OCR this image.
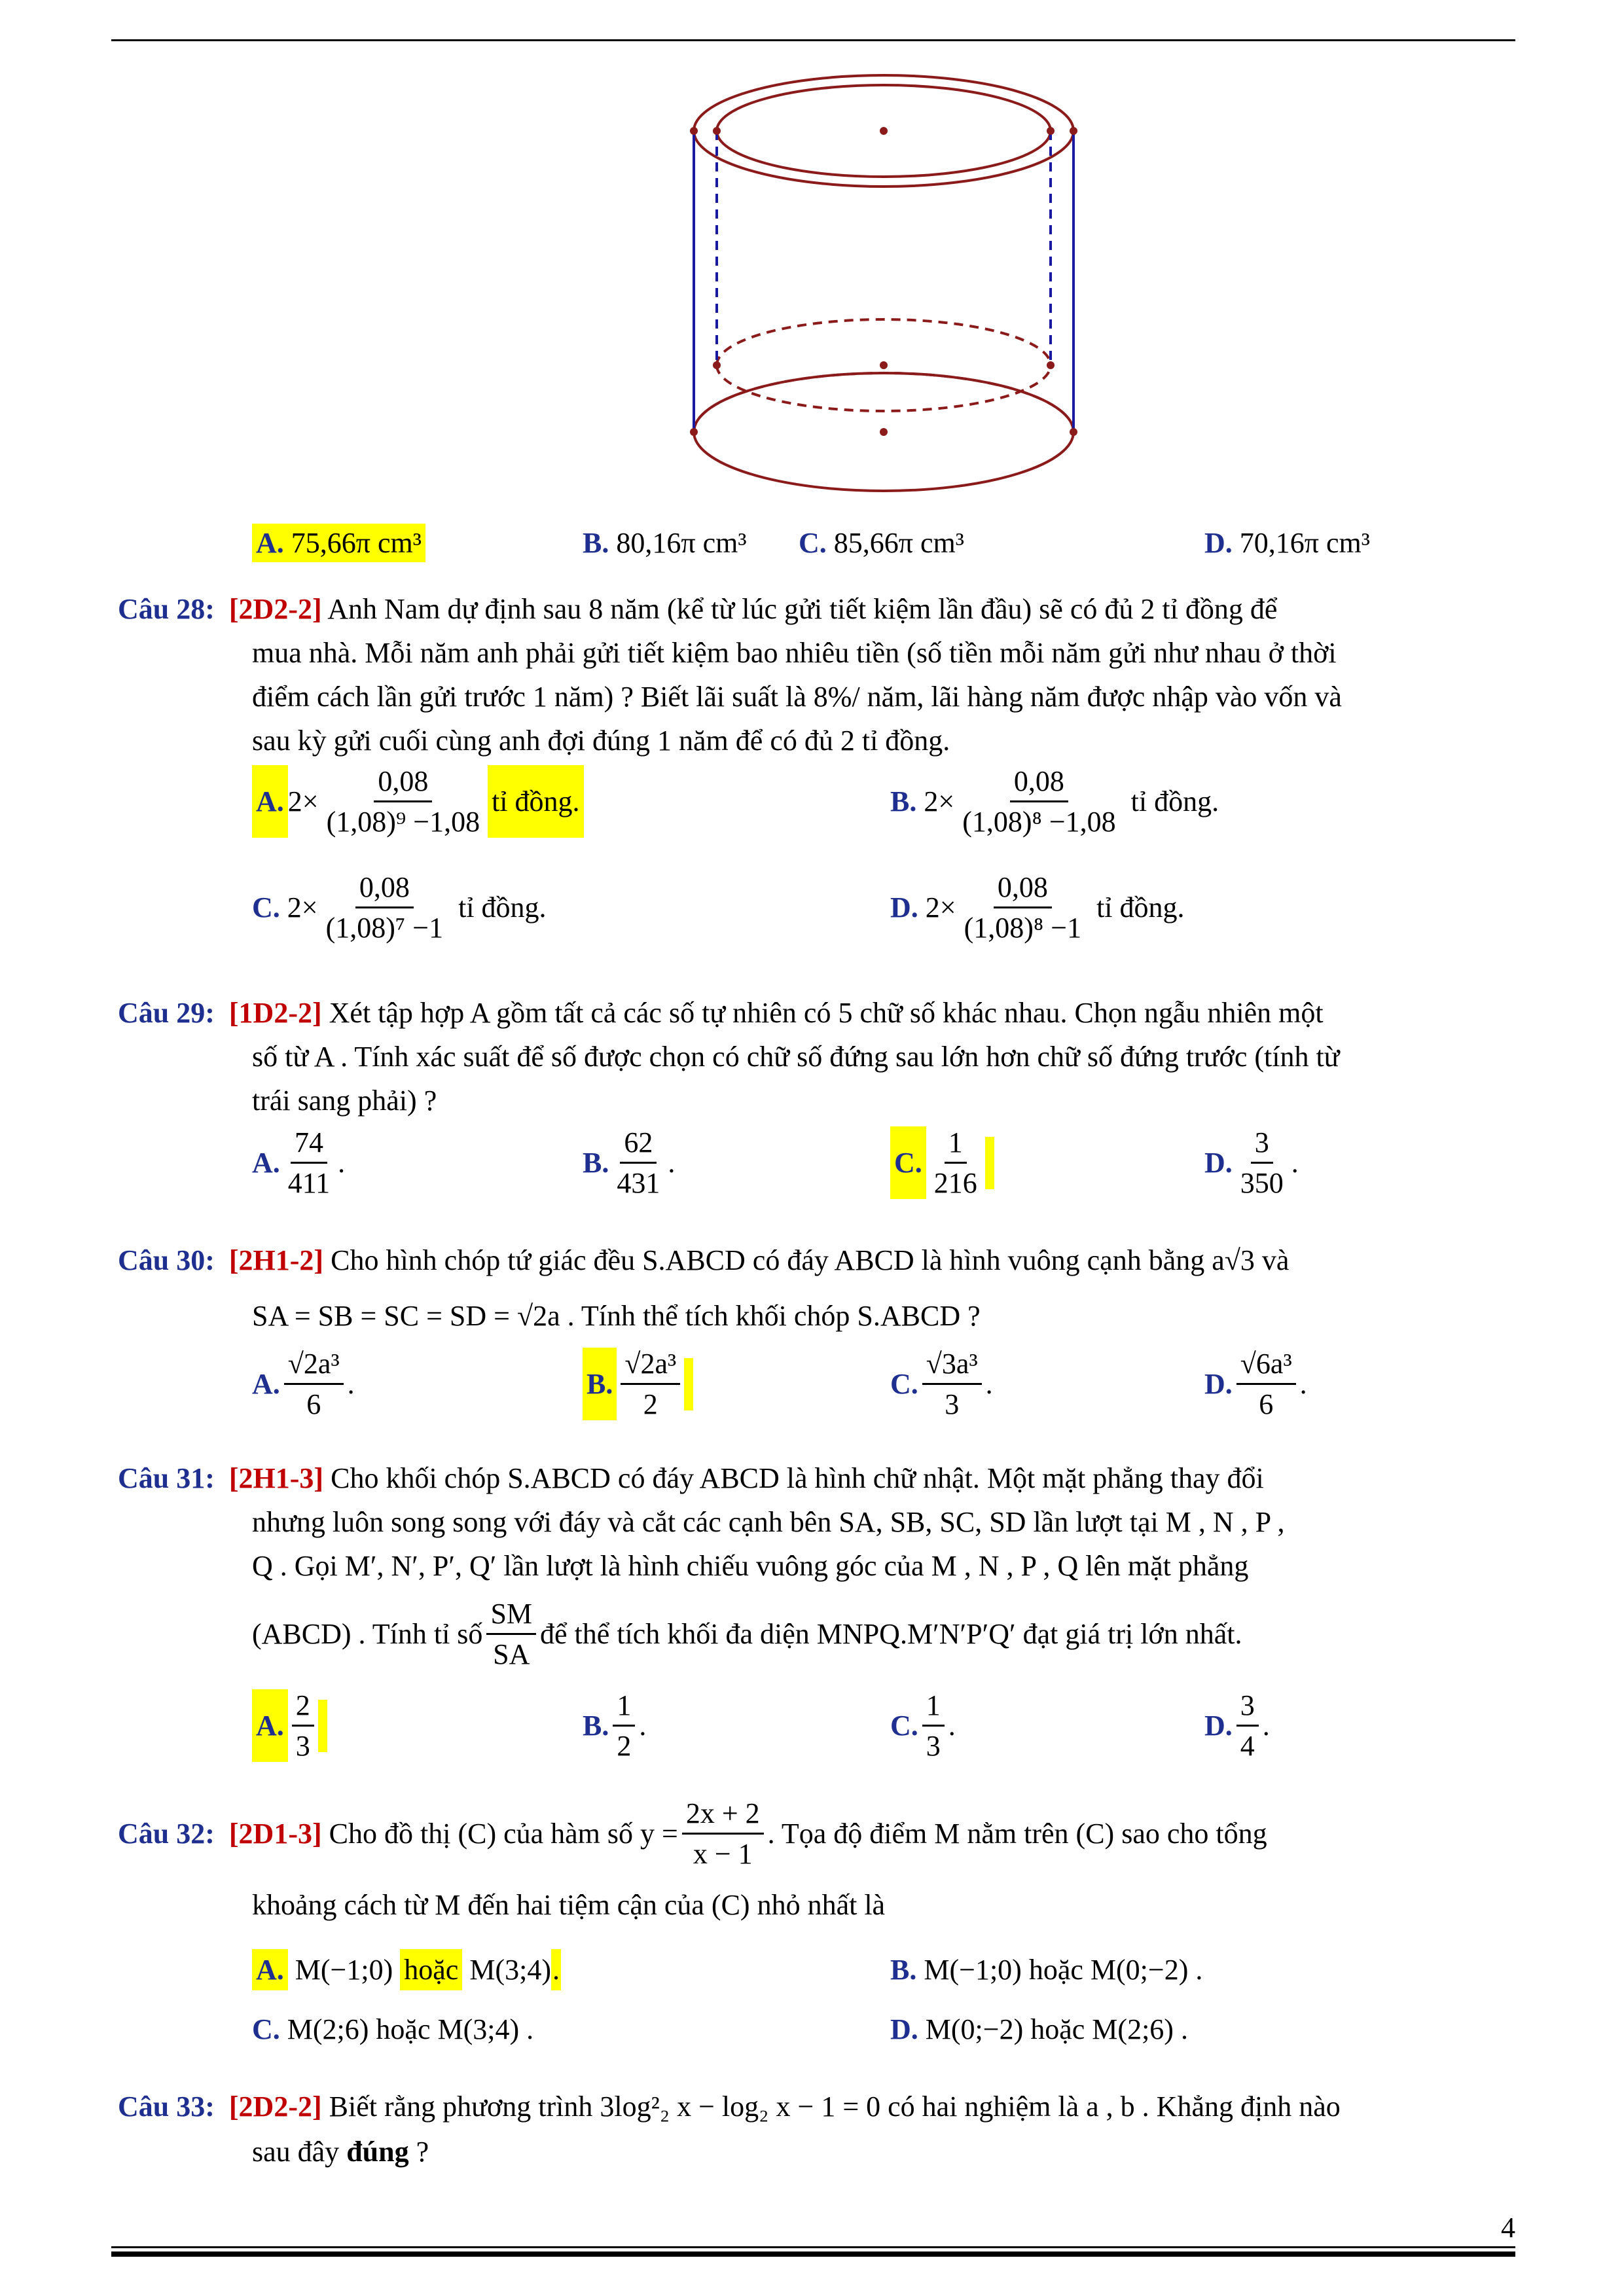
A. 75,66π cm³	B.
80,16π cm³ C.
85,66π cm³	D.
70,16π cm³
Câu 28: [2D2-2] Anh Nam dự định sau 8 năm (kể từ lúc gửi tiết kiệm lần đầu) sẽ có đủ 2 tỉ đồng để
mua nhà. Mỗi năm anh phải gửi tiết kiệm bao nhiêu tiền (số tiền mỗi năm gửi như nhau ở thời
điểm cách lần gửi trước 1 năm) ? Biết lãi suất là 8%/ năm, lãi hàng năm được nhập vào vốn và
sau kỳ gửi cuối cùng anh đợi đúng 1 năm để có đủ 2 tỉ đồng.
A. $2\times \frac{0,08}{\text{(1,08)⁹ −1,08}}$ tỉ đồng.	B.
$2\times \frac{0,08}{\text{(1,08)⁸ −1,08}}$
tỉ đồng.
C.
$2\times \frac{0,08}{\text{(1,08)⁷ −1}}$
tỉ đồng.	D.
$2\times \frac{0,08}{\text{(1,08)⁸ −1}}$
tỉ đồng.
Câu 29: [1D2-2] Xét tập hợp A gồm tất cả các số tự nhiên có 5 chữ số khác nhau. Chọn ngẫu nhiên một
số từ A . Tính xác suất để số được chọn có chữ số đứng sau lớn hơn chữ số đứng trước (tính từ
trái sang phải) ?
A. $\frac{74}{411}$ .	B. $\frac{62}{431}$ .	C. $\frac{1}{216}$	D. $\frac{3}{350}$ .
Câu 30: [2H1-2] Cho hình chóp tứ giác đều S.ABCD có đáy ABCD là hình vuông cạnh bằng a√3 và
SA = SB = SC = SD = √2a . Tính thể tích khối chóp S.ABCD ?
A. $\frac{\text{√2a³}}{6}$ .	B. $\frac{\text{√2a³}}{2}$	C. $\frac{\text{√3a³}}{3}$ .	D. $\frac{\text{√6a³}}{6}$ .
Câu 31: [2H1-3] Cho khối chóp S.ABCD có đáy ABCD là hình chữ nhật. Một mặt phẳng thay đổi
nhưng luôn song song với đáy và cắt các cạnh bên SA, SB, SC, SD lần lượt tại M , N , P ,
Q . Gọi M′, N′, P′, Q′ lần lượt là hình chiếu vuông góc của M , N , P , Q lên mặt phẳng
(ABCD) . Tính tỉ số $\frac{SM}{SA}$ để thể tích khối đa diện MNPQ.M′N′P′Q′ đạt giá trị lớn nhất.
A. $\frac{2}{3}$	B. $\frac{1}{2}$ .	C. $\frac{1}{3}$ .	D. $\frac{3}{4}$ .
Câu 32:
[2D1-3]
Cho đồ thị (C) của hàm số $y = \frac{2x + 2}{x - 1}$ . Tọa độ điểm M nằm trên (C) sao cho tổng
khoảng cách từ M đến hai tiệm cận của (C) nhỏ nhất là
A.
M(−1;0)
hoặc
M(3;4) .	B.
M(−1;0) hoặc M(0;−2) .
C.
M(2;6) hoặc M(3;4) .	D.
M(0;−2) hoặc M(2;6) .
Câu 33: [2D2-2] Biết rằng phương trình 3log²₂ x − log₂ x − 1 = 0 có hai nghiệm là a , b . Khẳng định nào
sau đây đúng ?
4
